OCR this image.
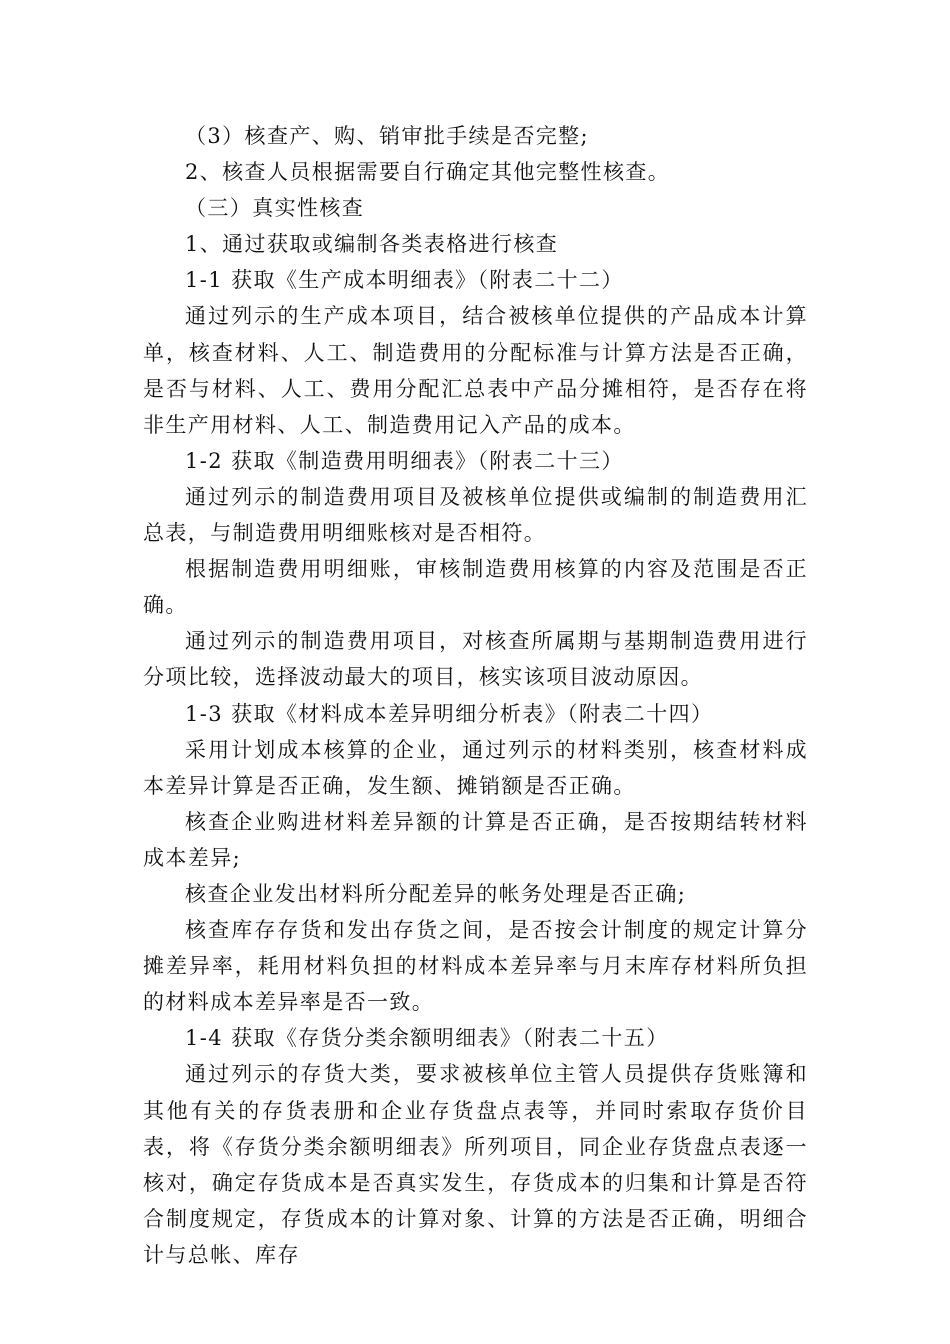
（3）核查产、购、销审批手续是否完整;

2、核查人员根据需要自行确定其他完整性核查。

（三）真实性核查

1、通过获取或编制各类表格进行核查

1-1 获取《生产成本明细表》（附表二十二）

通过列示的生产成本项目，结合被核单位提供的产品成本计算单，核查材料、人工、制造费用的分配标准与计算方法是否正确，是否与材料、人工、费用分配汇总表中产品分摊相符，是否存在将非生产用材料、人工、制造费用记入产品的成本。

1-2 获取《制造费用明细表》（附表二十三）

通过列示的制造费用项目及被核单位提供或编制的制造费用汇总表，与制造费用明细账核对是否相符。

根据制造费用明细账，审核制造费用核算的内容及范围是否正确。

通过列示的制造费用项目，对核查所属期与基期制造费用进行分项比较，选择波动最大的项目，核实该项目波动原因。

1-3 获取《材料成本差异明细分析表》（附表二十四）

采用计划成本核算的企业，通过列示的材料类别，核查材料成本差异计算是否正确，发生额、摊销额是否正确。

核查企业购进材料差异额的计算是否正确，是否按期结转材料成本差异;

核查企业发出材料所分配差异的帐务处理是否正确;

核查库存存货和发出存货之间，是否按会计制度的规定计算分摊差异率，耗用材料负担的材料成本差异率与月末库存材料所负担的材料成本差异率是否一致。

1-4 获取《存货分类余额明细表》（附表二十五）

通过列示的存货大类，要求被核单位主管人员提供存货账簿和其他有关的存货表册和企业存货盘点表等，并同时索取存货价目表，将《存货分类余额明细表》所列项目，同企业存货盘点表逐一核对，确定存货成本是否真实发生，存货成本的归集和计算是否符合制度规定，存货成本的计算对象、计算的方法是否正确，明细合计与总帐、库存
